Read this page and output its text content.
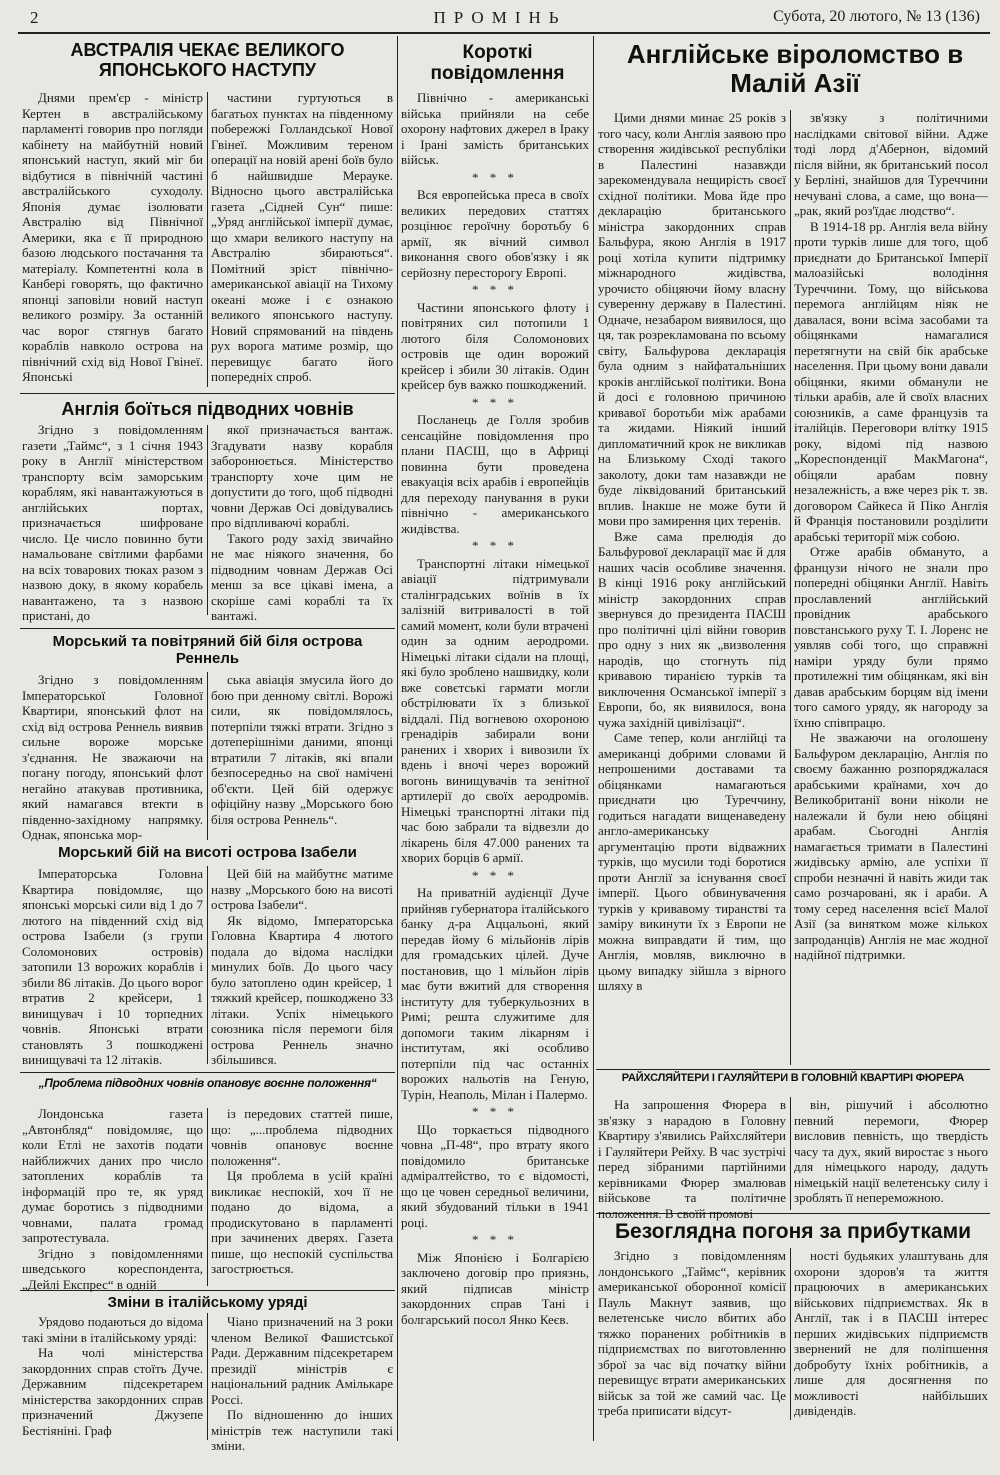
2	ПРОМІНЬ	Субота, 20 лютого, № 13 (136)
АВСТРАЛІЯ ЧЕКАЄ ВЕЛИКОГО ЯПОНСЬКОГО НАСТУПУ

Днями прем'єр - міністр Кертен в австралійському парламенті говорив про погляди кабінету на майбутній новий японський наступ, який міг би відбутися в північній частині австралійського суходолу. Японія думає ізолювати Австралію від Північної Америки, яка є її природною базою людського постачання та матеріалу. Компетентні кола в Канбері говорять, що фактично японці заповіли новий наступ великого розміру. За останній час ворог стягнув багато кораблів навколо острова на північний схід від Нової Гвінеї. Японські

частини гуртуються в багатьох пунктах на південному побережжі Голландської Нової Гвінеї. Можливим тереном операції на новій арені боїв було б найшвидше Мерауке. Відносно цього австралійська газета „Сідней Сун“ пише: „Уряд англійської імперії думає, що хмари великого наступу на Австралію збираються“. Помітний зріст північно-американської авіації на Тихому океані може і є ознакою великого японського наступу. Новий спрямований на південь рух ворога матиме розмір, що перевищує багато його попередніх спроб.

Англія боїться підводних човнів

Згідно з повідомленням газети „Таймс“, з 1 січня 1943 року в Англії міністерством транспорту всім заморським кораблям, які навантажуються в англійських портах, призначається шифроване число. Це число повинно бути намальоване світлими фарбами на всіх товарових тюках разом з назвою доку, в якому корабель навантажено, та з назвою пристані, до

якої призначається вантаж. Згадувати назву корабля заборонюється. Міністерство транспорту хоче цим не допустити до того, щоб підводні човни Держав Осі довідувались про відпливаючі кораблі.

Такого роду захід звичайно не має ніякого значення, бо підводним човнам Держав Осі менш за все цікаві імена, а скоріше самі кораблі та їх вантажі.

Морський та повітряний бій біля острова Реннель

Згідно з повідомленням Імператорської Головної Квартири, японський флот на схід від острова Реннель виявив сильне вороже морське з'єднання. Не зважаючи на погану погоду, японський флот негайно атакував противника, який намагався втекти в південно-західному напрямку. Однак, японська мор-

ська авіація змусила його до бою при денному світлі. Ворожі сили, як повідомлялось, потерпіли тяжкі втрати. Згідно з дотеперішніми даними, японці втратили 7 літаків, які впали безпосередньо на свої намічені об'єкти. Цей бій одержує офіційну назву „Морського бою біля острова Реннель“.

Морський бій на висоті острова Ізабели

Імператорська Головна Квартира повідомляє, що японські морські сили від 1 до 7 лютого на південний схід від острова Ізабели (з групи Соломонових островів) затопили 13 ворожих кораблів і збили 86 літаків. До цього ворог втратив 2 крейсери, 1 винищувач і 10 торпедних човнів. Японські втрати становлять 3 пошкоджені винищувачі та 12 літаків.

Цей бій на майбутнє матиме назву „Морського бою на висоті острова Ізабели“.

Як відомо, Імператорська Головна Квартира 4 лютого подала до відома наслідки минулих боїв. До цього часу було затоплено один крейсер, 1 тяжкий крейсер, пошкоджено 33 літаки. Успіх німецького союзника після перемоги біля острова Реннель значно збільшився.

„Проблема підводних човнів опановує воєнне положення“

Лондонська газета „Автонбляд“ повідомляє, що коли Етлі не захотів подати найближчих даних про число затоплених кораблів та інформацій про те, як уряд думає боротись з підводними човнами, палата громад запротестувала.

Згідно з повідомленнями шведського кореспондента, „Дейлі Експрес“ в одній

із передових статтей пише, що: „...проблема підводних човнів опановує воєнне положення“.

Ця проблема в усій країні викликає неспокій, хоч її не подано до відома, а продискутовано в парламенті при зачинених дверях. Газета пише, що неспокій суспільства загострюється.

Зміни в італійському уряді

Урядово подаються до відома такі зміни в італійському уряді:

На чолі міністерства закордонних справ стоїть Дуче. Державним підсекретарем міністерства закордонних справ призначений Джузепе Бестіяніні. Граф

Чіано призначений на 3 роки членом Великої Фашистської Ради. Державним підсекретарем президії міністрів є національний радник Амількаре Россі.

По відношенню до інших міністрів теж наступили такі зміни.

Короткі повідомлення

Північно - американські війська прийняли на себе охорону нафтових джерел в Іраку і Ірані замість британських військ.

* * *

Вся европейська преса в своїх великих передових статтях розцінює героїчну боротьбу 6 армії, як вічний символ виконання свого обов'язку і як серйозну пересторогу Европі.

* * *

Частини японського флоту і повітряних сил потопили 1 лютого біля Соломонових островів ще один ворожий крейсер і збили 30 літаків. Один крейсер був важко пошкоджений.

* * *

Посланець де Голля зробив сенсаційне повідомлення про плани ПАСШ, що в Африці повинна бути проведена евакуація всіх арабів і европейців для переходу панування в руки північно - американського жидівства.

* * *

Транспортні літаки німецької авіації підтримували сталінградських воїнів в їх залізній витривалості в той самий момент, коли були втрачені один за одним аеродроми. Німецькі літаки сідали на площі, які було зроблено нашвидку, коли вже совєтські гармати могли обстрілювати їх з близької віддалі. Під вогневою охороною гренадірів забирали вони ранених і хворих і вивозили їх вдень і вночі через ворожий вогонь винищувачів та зенітної артилерії до своїх аеродромів. Німецькі транспортні літаки під час бою забрали та відвезли до лікарень біля 47.000 ранених та хворих борців 6 армії.

* * *

На приватній аудієнції Дуче прийняв губернатора італійського банку д-ра Аццальоні, який передав йому 6 мільйонів лірів для громадських цілей. Дуче постановив, що 1 мільйон лірів має бути вжитий для створення інституту для туберкульозних в Римі; решта служитиме для допомоги таким лікарням і інститутам, які особливо потерпіли під час останніх ворожих нальотів на Геную, Турін, Неаполь, Мілан і Палермо.

* * *

Що торкається підводного човна „П-48“, про втрату якого повідомило британське адміралтейство, то є відомості, що це човен середньої величини, який збудований тільки в 1941 році.

* * *

Між Японією і Болгарією заключено договір про приязнь, який підписав міністр закордонних справ Тані і болгарський посол Янко Кеєв.

Англійське віроломство в Малій Азії

Цими днями минає 25 років з того часу, коли Англія заявою про створення жидівської республіки в Палестині назавжди зарекомендувала нещирість своєї східної політики. Мова йде про декларацію британського міністра закордонних справ Бальфура, якою Англія в 1917 році хотіла купити підтримку міжнародного жидівства, урочисто обіцяючи йому власну суверенну державу в Палестині. Одначе, незабаром виявилося, що ця, так розрекламована по всьому світу, Бальфурова декларація була одним з найфатальніших кроків англійської політики. Вона й досі є головною причиною кривавої боротьби між арабами та жидами. Ніякий інший дипломатичний крок не викликав на Близькому Сході такого заколоту, доки там назавжди не буде ліквідований британський вплив. Інакше не може бути й мови про замирення цих теренів.

Вже сама прелюдія до Бальфурової декларації має й для наших часів особливе значення. В кінці 1916 року англійський міністр закордонних справ звернувся до президента ПАСШ про політичні цілі війни говорив про одну з них як „визволення народів, що стогнуть під кривавою тиранією турків та виключення Османської імперії з Европи, бо, як виявилося, вона чужа західній цивілізації“.

Саме тепер, коли англійці та американці добрими словами й непрошеними доставами та обіцянками намагаються приєднати цю Туреччину, годиться нагадати вищенаведену англо-американську аргументацію проти відважних турків, що мусили тоді боротися проти Англії за існування своєї імперії. Цього обвинувачення турків у кривавому тиранстві та заміру викинути їх з Европи не можна виправдати й тим, що Англія, мовляв, виключно в цьому випадку зійшла з вірного шляху в

зв'язку з політичними наслідками світової війни. Адже тоді лорд д'Абернон, відомий після війни, як британський посол у Берліні, знайшов для Туреччини нечувані слова, а саме, що вона—„рак, який роз'їдає людство“.

В 1914-18 рр. Англія вела війну проти турків лише для того, щоб приєднати до Британської Імперії малоазійські володіння Туреччини. Тому, що військова перемога англійцям ніяк не давалася, вони всіма засобами та обіцянками намагалися перетягнути на свій бік арабське населення. При цьому вони давали обіцянки, якими обманули не тільки арабів, але й своїх власних союзників, а саме французів та італійців. Переговори влітку 1915 року, відомі під назвою „Кореспонденції МакМагона“, обіцяли арабам повну незалежність, а вже через рік т. зв. договором Сайкеса й Піко Англія й Франція постановили розділити арабські території між собою.

Отже арабів обмануто, а французи нічого не знали про попередні обіцянки Англії. Навіть прославлений англійський провідник арабського повстанського руху Т. І. Лоренс не уявляв собі того, що справжні наміри уряду були прямо протилежні тим обіцянкам, які він давав арабським борцям від імени того самого уряду, як нагороду за їхню співпрацю.

Не зважаючи на оголошену Бальфуром декларацію, Англія по своєму бажанню розпоряджалася арабськими країнами, хоч до Великобританії вони ніколи не належали й були нею обіцяні арабам. Сьогодні Англія намагається тримати в Палестині жидівську армію, але успіхи її спроби незначні й навіть жиди так само розчаровані, як і араби. А тому серед населення всієї Малої Азії (за винятком може кількох запроданців) Англія не має жодної надійної підтримки.

РАЙХСЛЯЙТЕРИ І ГАУЛЯЙТЕРИ В ГОЛОВНІЙ КВАРТИРІ ФЮРЕРА

На запрошення Фюрера в зв'язку з нарадою в Головну Квартиру з'явились Райхсляйтери і Гауляйтери Рейху. В час зустрічі перед зібраними партійними керівниками Фюрер змалював військове та політичне положення. В своїй промові

він, рішучий і абсолютно певний перемоги, Фюрер висловив певність, що твердість часу та дух, який виростає з нього для німецького народу, дадуть німецькій нації велетенську силу і зроблять її непереможною.

Безоглядна погоня за прибутками

Згідно з повідомленням лондонського „Таймс“, керівник американської оборонної комісії Пауль Макнут заявив, що велетенське число вбитих або тяжко поранених робітників в підприємствах по виготовленню зброї за час від початку війни перевищує втрати американських військ за той же самий час. Це треба приписати відсут-

ності будьяких улаштувань для охорони здоров'я та життя працюючих в американських військових підприємствах. Як в Англії, так і в ПАСШ інтерес перших жидівських підприємств звернений не для поліпшення добробуту їхніх робітників, а лише для досягнення по можливості найбільших дивідендів.
